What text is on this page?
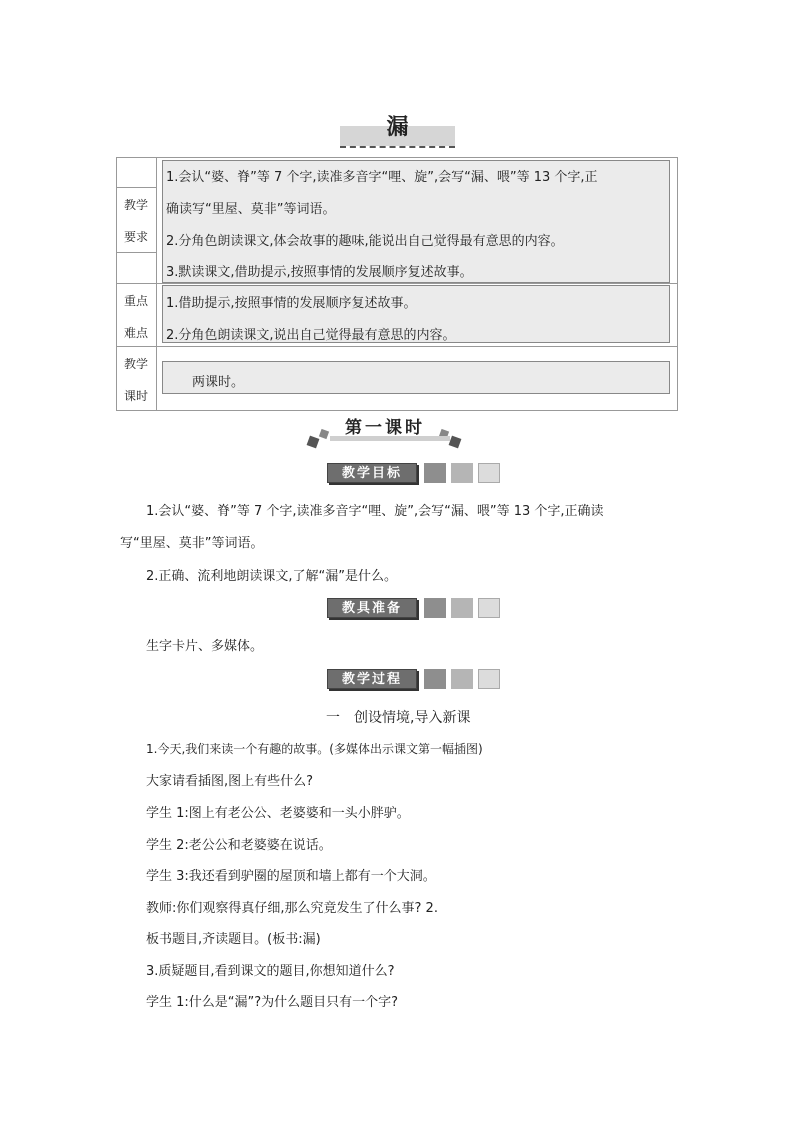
漏
教学
要求
重点
难点
教学
课时
1.会认“婆、脊”等 7 个字,读准多音字“哩、旋”,会写“漏、喂”等 13 个字,正
确读写“里屋、莫非”等词语。
2.分角色朗读课文,体会故事的趣味,能说出自己觉得最有意思的内容。
3.默读课文,借助提示,按照事情的发展顺序复述故事。
1.借助提示,按照事情的发展顺序复述故事。
2.分角色朗读课文,说出自己觉得最有意思的内容。
两课时。
第一课时
教学目标
1.会认“婆、脊”等 7 个字,读准多音字“哩、旋”,会写“漏、喂”等 13 个字,正确读
写“里屋、莫非”等词语。
2.正确、流利地朗读课文,了解“漏”是什么。
教具准备
生字卡片、多媒体。
教学过程
一　创设情境,导入新课
1.今天,我们来读一个有趣的故事。(多媒体出示课文第一幅插图)
大家请看插图,图上有些什么?
学生 1:图上有老公公、老婆婆和一头小胖驴。
学生 2:老公公和老婆婆在说话。
学生 3:我还看到驴圈的屋顶和墙上都有一个大洞。
教师:你们观察得真仔细,那么究竟发生了什么事? 2.
板书题目,齐读题目。(板书:漏)
3.质疑题目,看到课文的题目,你想知道什么?
学生 1:什么是“漏”?为什么题目只有一个字?
